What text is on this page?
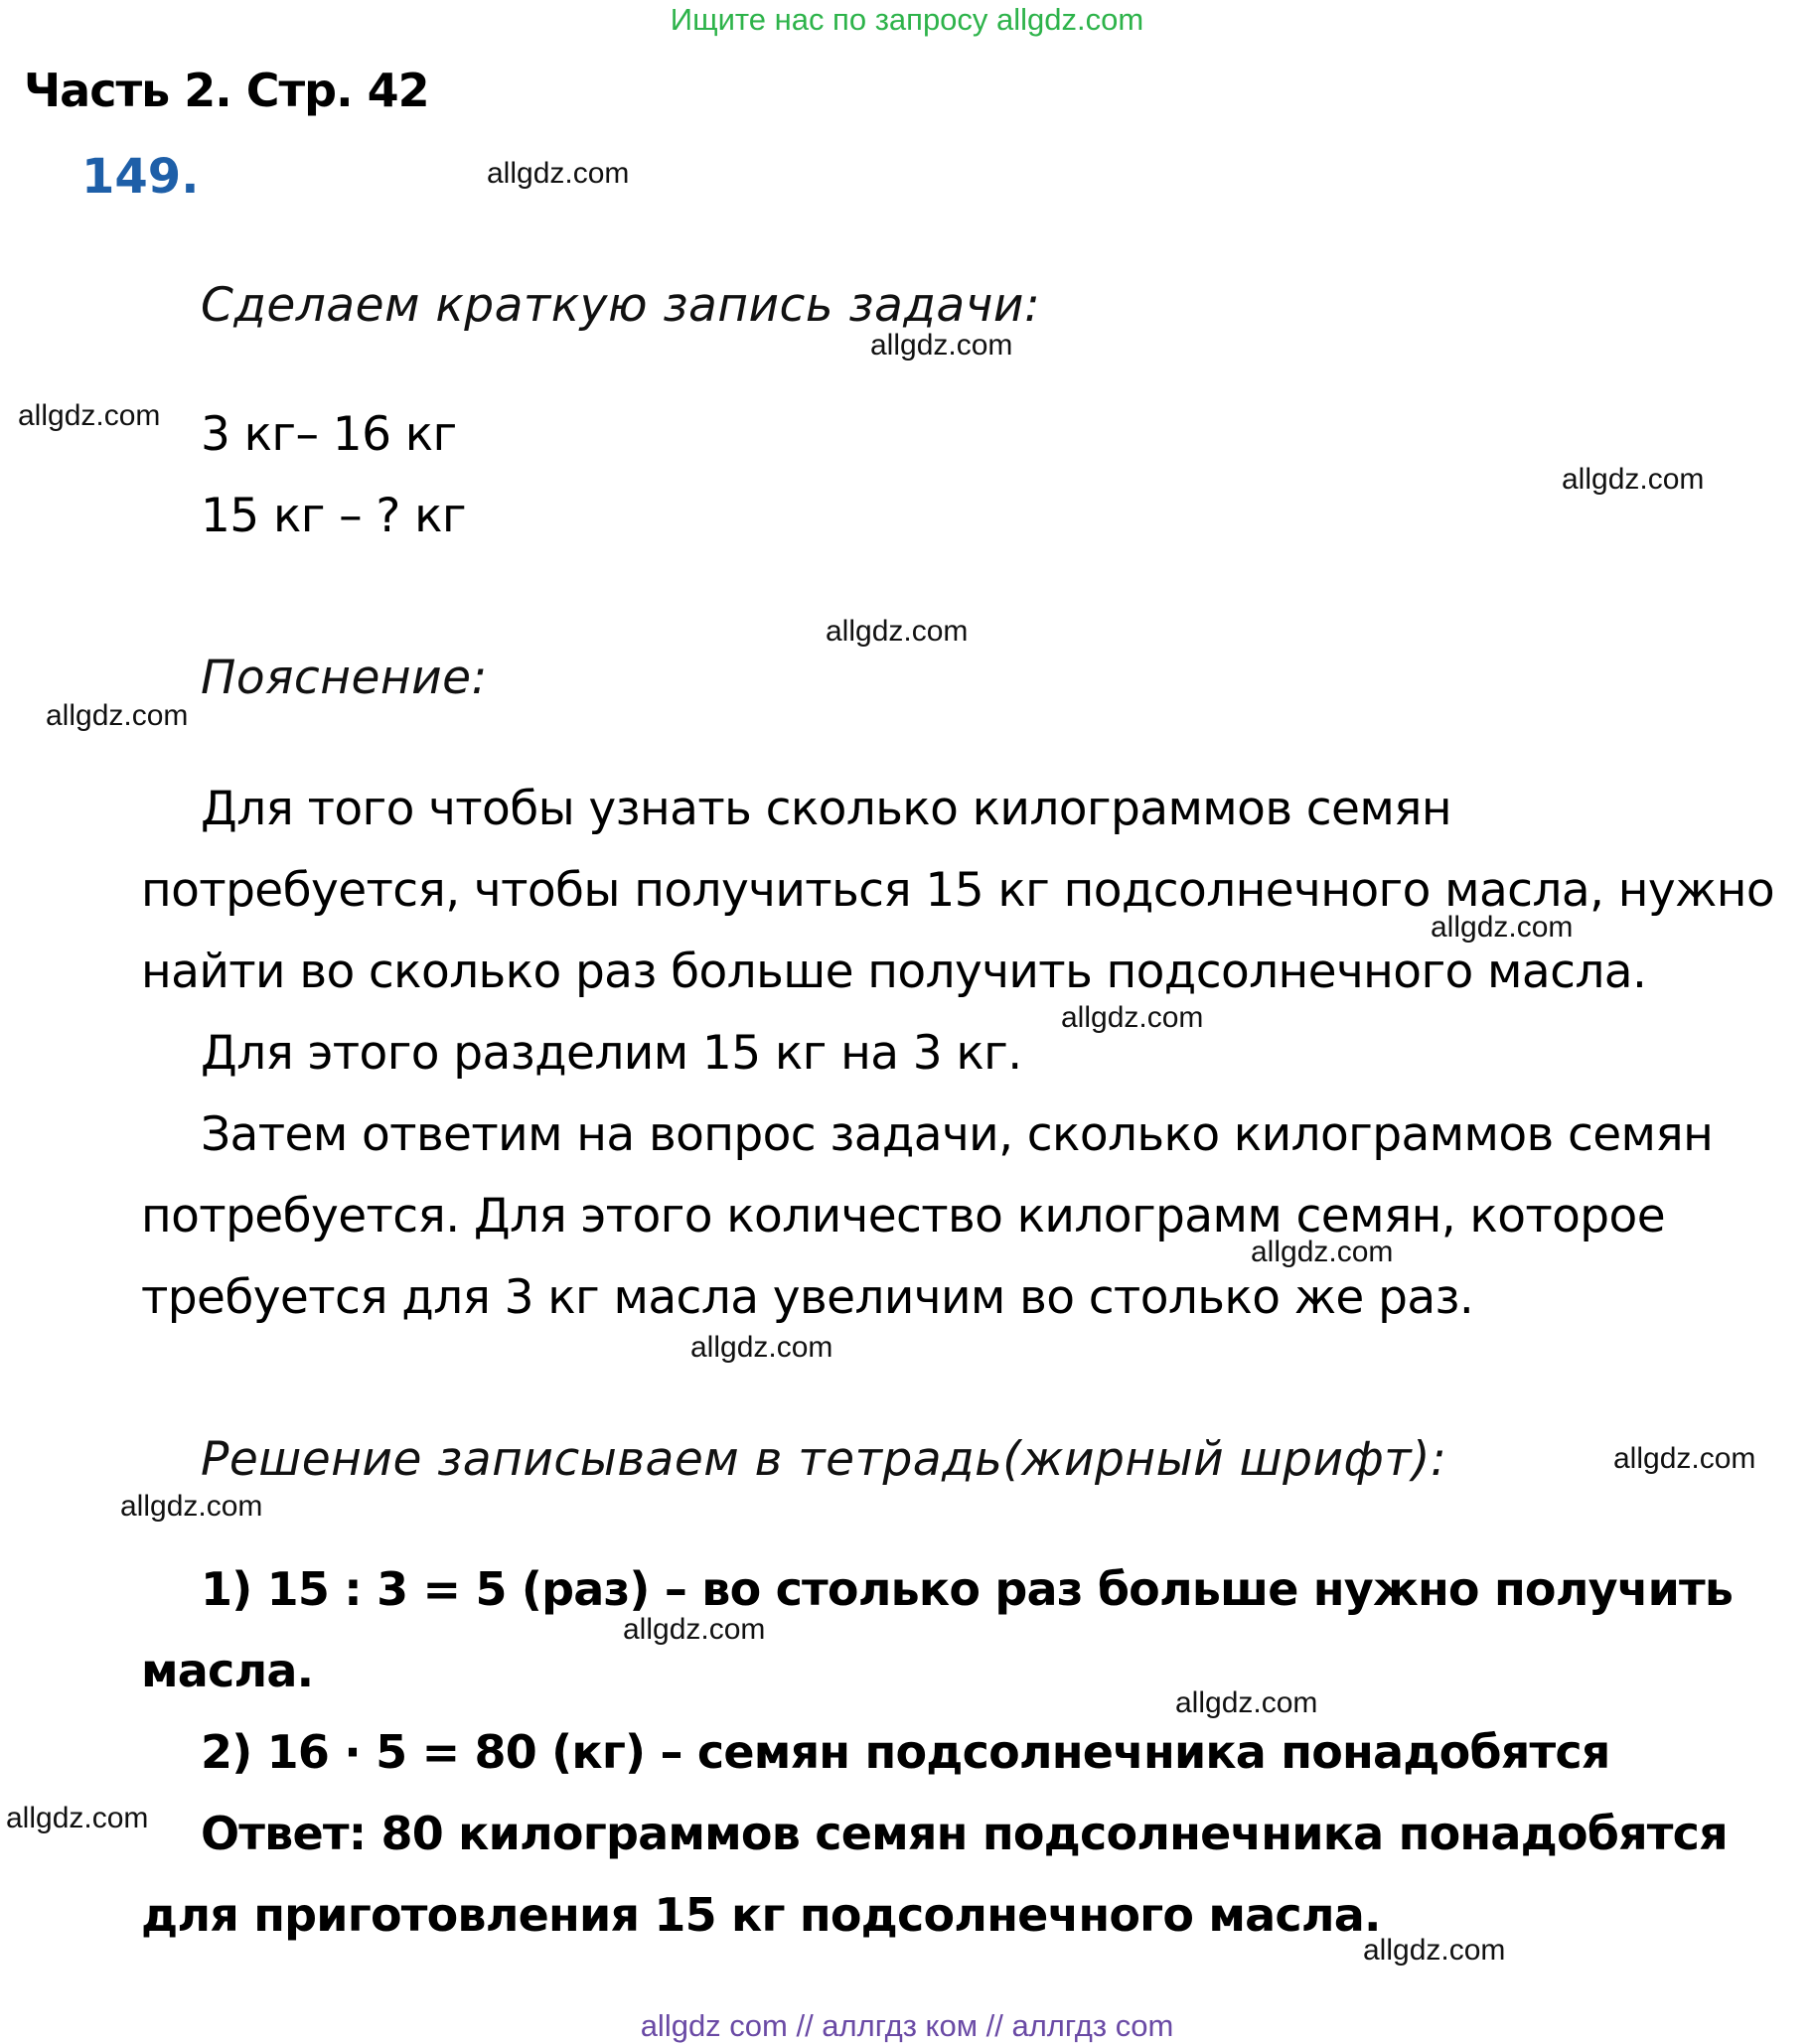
Ищите нас по запросу allgdz.com
Часть 2. Стр. 42
149.
Сделаем краткую запись задачи:
3 кг– 16 кг
15 кг – ? кг
Пояснение:
Для того чтобы узнать сколько килограммов семян
потребуется, чтобы получиться 15 кг подсолнечного масла, нужно
найти во сколько раз больше получить подсолнечного масла.
Для этого разделим 15 кг на 3 кг.
Затем ответим на вопрос задачи, сколько килограммов семян
потребуется. Для этого количество килограмм семян, которое
требуется для 3 кг масла увеличим во столько же раз.
Решение записываем в тетрадь(жирный шрифт):
1) 15 : 3 = 5 (раз) – во столько раз больше нужно получить
масла.
2) 16 · 5 = 80 (кг) – семян подсолнечника понадобятся
Ответ: 80 килограммов семян подсолнечника понадобятся
для приготовления 15 кг подсолнечного масла.
allgdz.com
allgdz.com
allgdz.com
allgdz.com
allgdz.com
allgdz.com
allgdz.com
allgdz.com
allgdz.com
allgdz.com
allgdz.com
allgdz.com
allgdz.com
allgdz.com
allgdz.com
allgdz.com
allgdz com // аллгдз ком // аллгдз com
